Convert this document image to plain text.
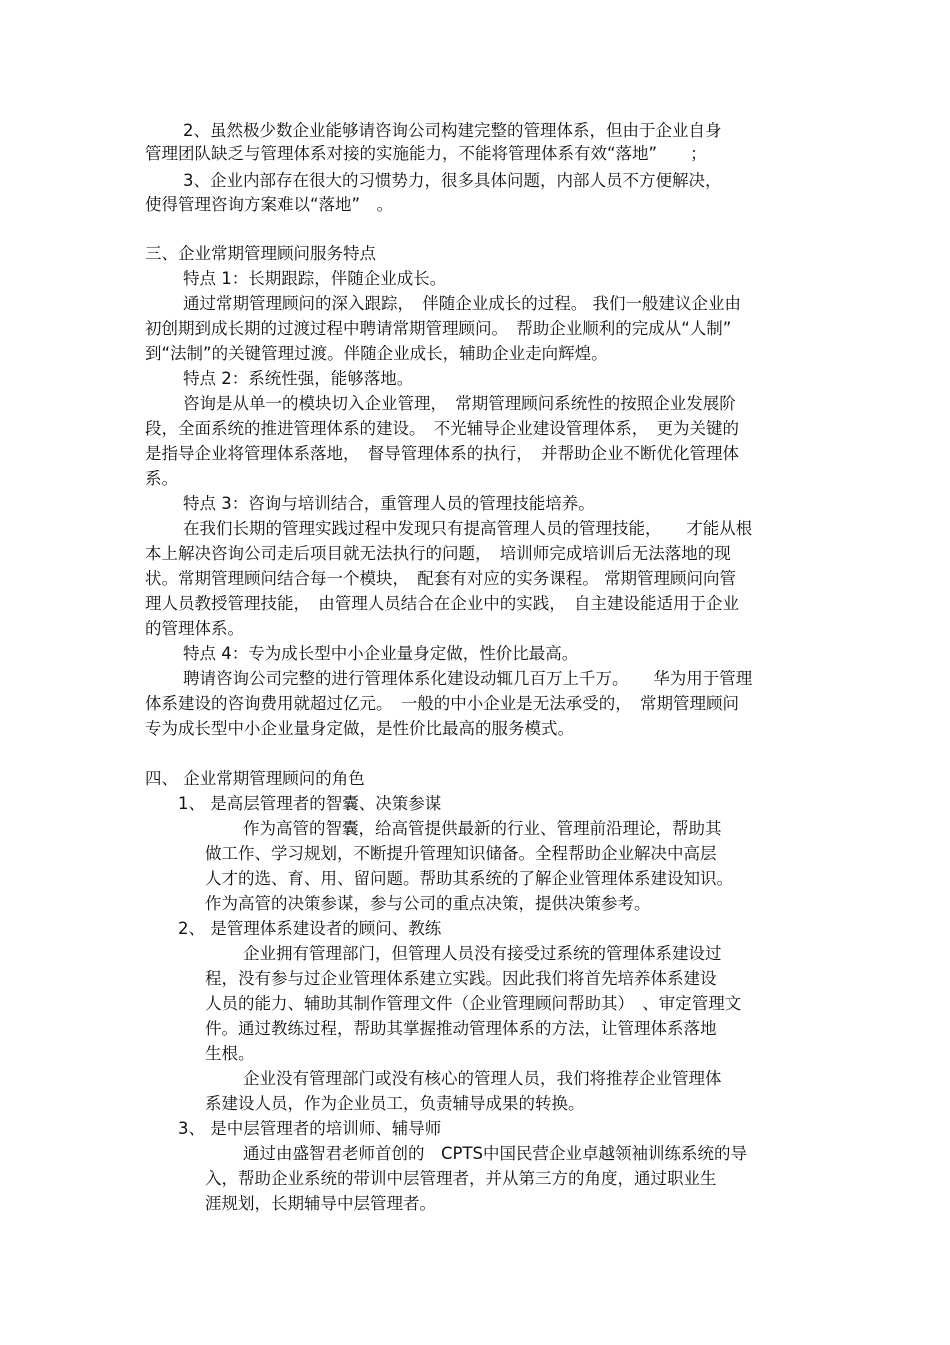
2、虽然极少数企业能够请咨询公司构建完整的管理体系，但由于企业自身
管理团队缺乏与管理体系对接的实施能力，不能将管理体系有效“落地”　　；
3、企业内部存在很大的习惯势力，很多具体问题，内部人员不方便解决，
使得管理咨询方案难以“落地”　。
三、企业常期管理顾问服务特点
特点 1：长期跟踪，伴随企业成长。
通过常期管理顾问的深入跟踪，　伴随企业成长的过程。 我们一般建议企业由
初创期到成长期的过渡过程中聘请常期管理顾问。　帮助企业顺利的完成从“人制”
到“法制”的关键管理过渡。伴随企业成长，辅助企业走向辉煌。
特点 2：系统性强，能够落地。
咨询是从单一的模块切入企业管理，　常期管理顾问系统性的按照企业发展阶
段，全面系统的推进管理体系的建设。　不光辅导企业建设管理体系，　更为关键的
是指导企业将管理体系落地，　督导管理体系的执行，　并帮助企业不断优化管理体
系。
特点 3：咨询与培训结合，重管理人员的管理技能培养。
在我们长期的管理实践过程中发现只有提高管理人员的管理技能，　　才能从根
本上解决咨询公司走后项目就无法执行的问题，　培训师完成培训后无法落地的现
状。常期管理顾问结合每一个模块，　配套有对应的实务课程。 常期管理顾问向管
理人员教授管理技能，　由管理人员结合在企业中的实践，　自主建设能适用于企业
的管理体系。
特点 4：专为成长型中小企业量身定做，性价比最高。
聘请咨询公司完整的进行管理体系化建设动辄几百万上千万。　　华为用于管理
体系建设的咨询费用就超过亿元。　一般的中小企业是无法承受的，　常期管理顾问
专为成长型中小企业量身定做，是性价比最高的服务模式。
四、 企业常期管理顾问的角色
1、 是高层管理者的智囊、决策参谋
作为高管的智囊，给高管提供最新的行业、管理前沿理论，帮助其
做工作、学习规划，不断提升管理知识储备。全程帮助企业解决中高层
人才的选、育、用、留问题。帮助其系统的了解企业管理体系建设知识。
作为高管的决策参谋，参与公司的重点决策，提供决策参考。
2、 是管理体系建设者的顾问、教练
企业拥有管理部门，但管理人员没有接受过系统的管理体系建设过
程，没有参与过企业管理体系建立实践。因此我们将首先培养体系建设
人员的能力、辅助其制作管理文件（企业管理顾问帮助其）　、审定管理文
件。通过教练过程，帮助其掌握推动管理体系的方法，让管理体系落地
生根。
企业没有管理部门或没有核心的管理人员，我们将推荐企业管理体
系建设人员，作为企业员工，负责辅导成果的转换。
3、 是中层管理者的培训师、辅导师
通过由盛智君老师首创的　CPTS中国民营企业卓越领袖训练系统的导
入，帮助企业系统的带训中层管理者，并从第三方的角度，通过职业生
涯规划，长期辅导中层管理者。
